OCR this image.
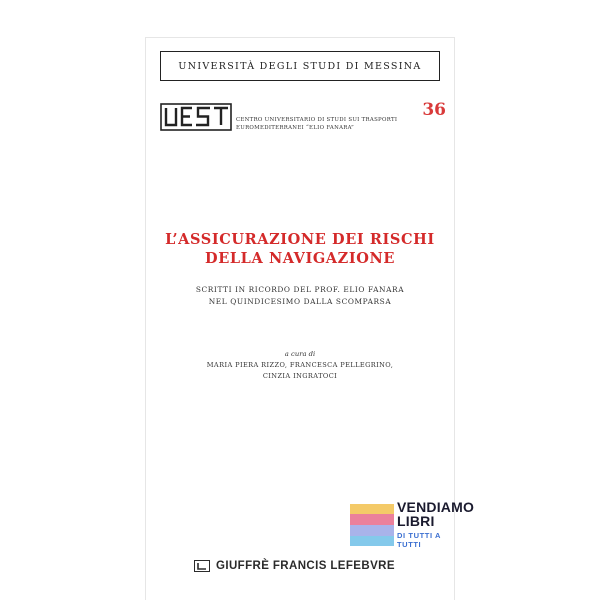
UNIVERSITÀ DEGLI STUDI DI MESSINA
CENTRO UNIVERSITARIO DI STUDI SUI TRASPORTI EUROMEDITERRANEI “ELIO FANARA”
36
L’ASSICURAZIONE DEI RISCHI
DELLA NAVIGAZIONE
SCRITTI IN RICORDO DEL PROF. ELIO FANARA
NEL QUINDICESIMO DALLA SCOMPARSA
a cura di
MARIA PIERA RIZZO, FRANCESCA PELLEGRINO,
CINZIA INGRATOCI
GIUFFRÈ FRANCIS LEFEBVRE
VENDIAMO
LIBRI
DI TUTTI A TUTTI
